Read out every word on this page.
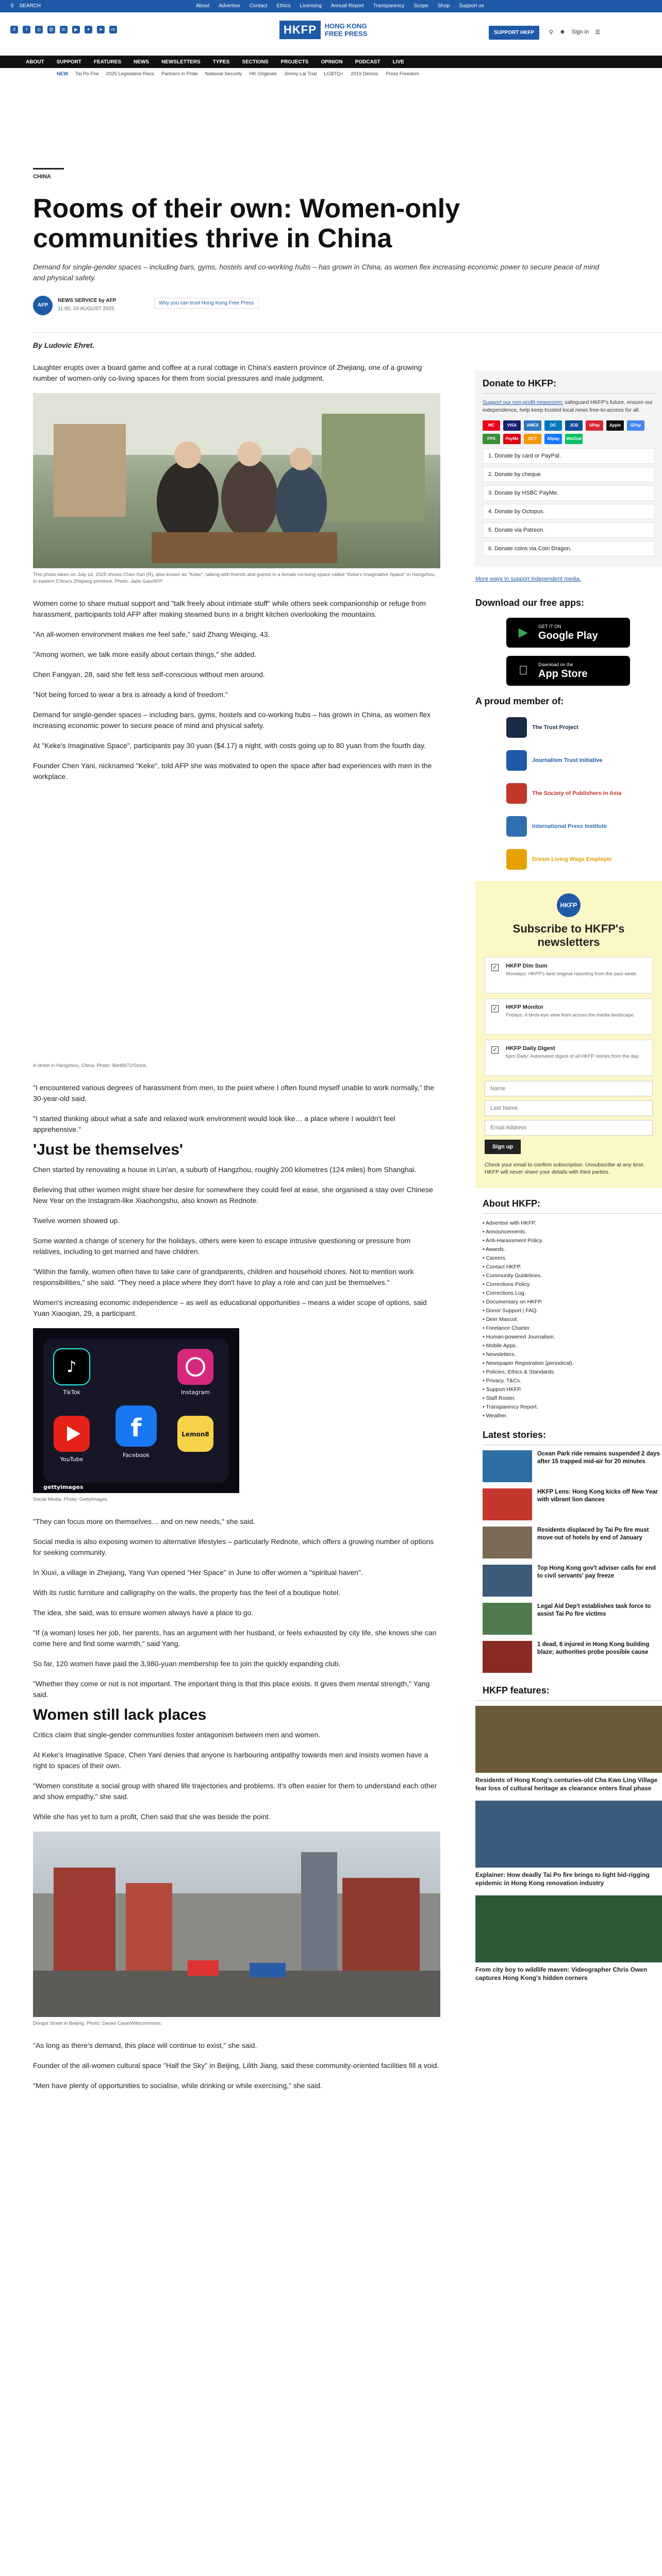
⚲ SEARCH	About Advertise Contact Ethics Licensing Annual Report Transparency Scope Shop Support us
X	f	◎	@	in	▶	✦	➤	m	HKFP	HONG KONG
FREE PRESS	SUPPORT HKFP	⚲ ☻ Sign in ☰
ABOUT SUPPORT FEATURES NEWS NEWSLETTERS TYPES SECTIONS PROJECTS OPINION PODCAST LIVE
NEW Tai Po Fire 2025 Legislative Race Partners in Pride National Security HK Originals Jimmy Lai Trial LGBTQ+ 2019 Demos Press Freedom
CHINA
Rooms of their own: Women-only communities thrive in China
Demand for single-gender spaces – including bars, gyms, hostels and co-working hubs – has grown in China, as women flex increasing economic power to secure peace of mind and physical safety.
AFP
NEWS SERVICE by AFP
11:00, 24 AUGUST 2025
Why you can trust Hong Kong Free Press

By Ludovic Ehret.

Laughter erupts over a board game and coffee at a rural cottage in China's eastern province of Zhejiang, one of a growing number of women-only co-living spaces for them from social pressures and male judgment.

This photo taken on July 14, 2025 shows Chen Xan (R), also known as "Keke", talking with friends and guests in a female co-living space called "Keke's Imaginative Space" in Hangzhou, in eastern China's Zhejiang province. Photo: Jade Gao/AFP.

Women come to share mutual support and "talk freely about intimate stuff" while others seek companionship or refuge from harassment, participants told AFP after making steamed buns in a bright kitchen overlooking the mountains.

"An all-women environment makes me feel safe," said Zhang Weiqing, 43.

"Among women, we talk more easily about certain things," she added.

Chen Fangyan, 28, said she felt less self-conscious without men around.

"Not being forced to wear a bra is already a kind of freedom."

Demand for single-gender spaces – including bars, gyms, hostels and co-working hubs – has grown in China, as women flex increasing economic power to secure peace of mind and physical safety.

At "Keke's Imaginative Space", participants pay 30 yuan ($4.17) a night, with costs going up to 80 yuan from the fourth day.

Founder Chen Yani, nicknamed "Keke", told AFP she was motivated to open the space after bad experiences with men in the workplace.

A street in Hangzhou, China. Photo: Bert8472/Stock.

"I encountered various degrees of harassment from men, to the point where I often found myself unable to work normally," the 30-year-old said.

"I started thinking about what a safe and relaxed work environment would look like… a place where I wouldn't feel apprehensive."

'Just be themselves'

Chen started by renovating a house in Lin'an, a suburb of Hangzhou, roughly 200 kilometres (124 miles) from Shanghai.

Believing that other women might share her desire for somewhere they could feel at ease, she organised a stay over Chinese New Year on the Instagram-like Xiaohongshu, also known as Rednote.

Twelve women showed up.

Some wanted a change of scenery for the holidays, others were keen to escape intrusive questioning or pressure from relatives, including to get married and have children.

"Within the family, women often have to take care of grandparents, children and household chores. Not to mention work responsibilities," she said. "They need a place where they don't have to play a role and can just be themselves."

Women's increasing economic independence – as well as educational opportunities – means a wider scope of options, said Yuan Xiaoqian, 29, a participant.

♪
TikTok	Instagram
YouTube
f
Facebook
Lemon8
gettyimages
Social Media. Photo: GettyImages.

"They can focus more on themselves… and on new needs," she said.

Social media is also exposing women to alternative lifestyles – particularly Rednote, which offers a growing number of options for seeking community.

In Xiuxi, a village in Zhejiang, Yang Yun opened "Her Space" in June to offer women a "spiritual haven".

With its rustic furniture and calligraphy on the walls, the property has the feel of a boutique hotel.

The idea, she said, was to ensure women always have a place to go.

"If (a woman) loses her job, her parents, has an argument with her husband, or feels exhausted by city life, she knows she can come here and find some warmth," said Yang.

So far, 120 women have paid the 3,980-yuan membership fee to join the quickly expanding club.

"Whether they come or not is not important. The important thing is that this place exists. It gives them mental strength," Yang said.

Women still lack places

Critics claim that single-gender communities foster antagonism between men and women.

At Keke's Imaginative Space, Chen Yani denies that anyone is harbouring antipathy towards men and insists women have a right to spaces of their own.

"Women constitute a social group with shared life trajectories and problems. It's often easier for them to understand each other and show empathy," she said.

While she has yet to turn a profit, Chen said that she was beside the point.

Dongsi Street in Beijing. Photo: Daniel Case/Wikicommons.

"As long as there's demand, this place will continue to exist," she said.

Founder of the all-women cultural space "Half the Sky" in Beijing, Lilith Jiang, said these community-oriented facilities fill a void.

"Men have plenty of opportunities to socialise, while drinking or while exercising," she said.

Donate to HKFP:
Support our non-profit newsroom: safeguard HKFP's future, ensure our independence, help keep trusted local news free-to-access for all.
MC	VISA	AMEX	DC	JCB	UPay	Apple	GPay
FPS	PayMe	OCT	Alipay	WeChat
1. Donate by card or PayPal.
2. Donate by cheque.
3. Donate by HSBC PayMe.
4. Donate by Octopus.
5. Donate via Patreon.
6. Donate coins via Coin Dragon.
More ways to support independent media.
Download our free apps:
▶	GET IT ON
Google Play
Download on the
App Store
A proud member of:
The Trust Project
Journalism Trust Initiative
The Society of Publishers in Asia
International Press Institute
Dream Living Wage Employer
HKFP
Subscribe to HKFP's newsletters
✓ HKFP Dim Sum
Mondays: HKFP's best original reporting from the past week.
✓ HKFP Monitor
Fridays: A birds-eye view from across the media landscape.
✓ HKFP Daily Digest
6pm Daily: Automated digest of all HKFP stories from the day.
Name
Last Name
Email Address
Sign up
Check your email to confirm subscription. Unsubscribe at any time. HKFP will never share your details with third parties.
About HKFP:
• Advertise with HKFP.
• Announcements.
• Anti-Harassment Policy.
• Awards.
• Careers.
• Contact HKFP.
• Community Guidelines.
• Corrections Policy.
• Corrections Log.
• Documentary on HKFP.
• Donor Support | FAQ.
• Deer Mascot.
• Freelance Charter.
• Human-powered Journalism.
• Mobile Apps.
• Newsletters.
• Newspaper Registration (periodical).
• Policies, Ethics & Standards.
• Privacy, T&Cs.
• Support HKFP.
• Staff Roster.
• Transparency Report.
• Weather.
Latest stories:
Ocean Park ride remains suspended 2 days after 15 trapped mid-air for 20 minutes
HKFP Lens: Hong Kong kicks off New Year with vibrant lion dances
Residents displaced by Tai Po fire must move out of hotels by end of January
Top Hong Kong gov't adviser calls for end to civil servants' pay freeze
Legal Aid Dep't establishes task force to assist Tai Po fire victims
1 dead, 8 injured in Hong Kong building blaze; authorities probe possible cause
HKFP features:
Residents of Hong Kong's centuries-old Cha Kwo Ling Village fear loss of cultural heritage as clearance enters final phase
Explainer: How deadly Tai Po fire brings to light bid-rigging epidemic in Hong Kong renovation industry
From city boy to wildlife maven: Videographer Chris Owen captures Hong Kong's hidden corners
